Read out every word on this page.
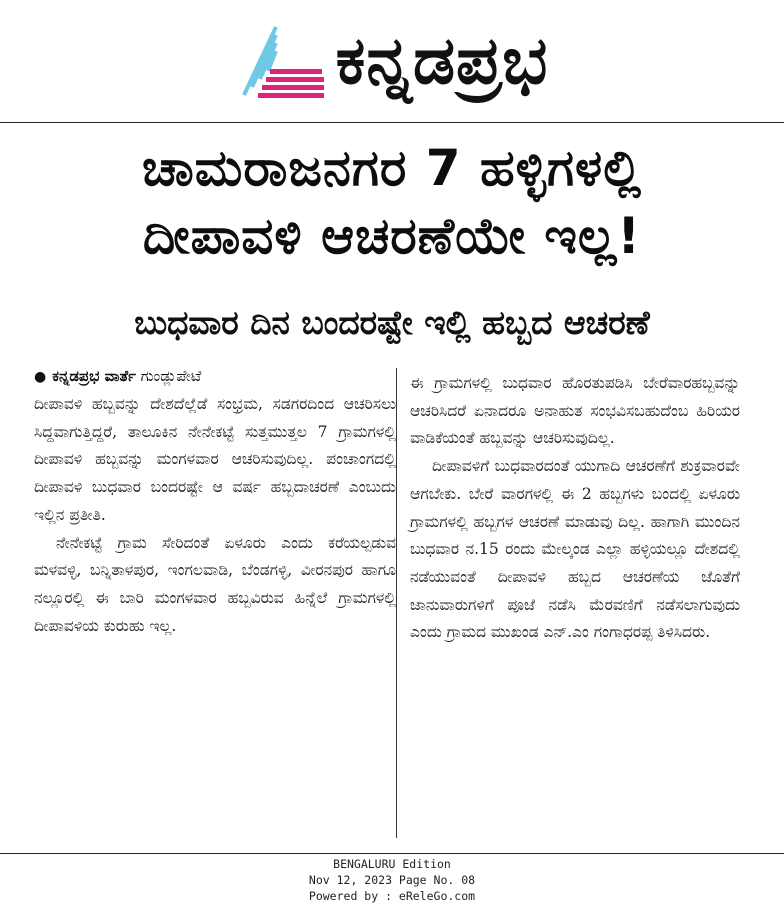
ಕನ್ನಡಪ್ರಭ
ಚಾಮರಾಜನಗರ 7 ಹಳ್ಳಿಗಳಲ್ಲಿ
ದೀಪಾವಳಿ ಆಚರಣೆಯೇ ಇಲ್ಲ!
ಬುಧವಾರ ದಿನ ಬಂದರಷ್ಟೇ ಇಲ್ಲಿ ಹಬ್ಬದ ಆಚರಣೆ
● ಕನ್ನಡಪ್ರಭ ವಾರ್ತೆ ಗುಂಡ್ಲುಪೇಟೆ

ದೀಪಾವಳಿ ಹಬ್ಬವನ್ನು ದೇಶದೆಲ್ಲೆಡೆ ಸಂಭ್ರಮ, ಸಡಗರದಿಂದ ಆಚರಿಸಲು ಸಿದ್ದವಾಗುತ್ತಿದ್ದರೆ, ತಾಲೂಕಿನ ನೇನೇಕಟ್ಟೆ ಸುತ್ತಮುತ್ತಲ 7 ಗ್ರಾಮಗಳಲ್ಲಿ ದೀಪಾವಳಿ ಹಬ್ಬವನ್ನು ಮಂಗಳವಾರ ಆಚರಿಸುವುದಿಲ್ಲ. ಪಂಚಾಂಗದಲ್ಲಿ ದೀಪಾವಳಿ ಬುಧವಾರ ಬಂದರಷ್ಟೇ ಆ ವರ್ಷ ಹಬ್ಬದಾಚರಣೆ ಎಂಬುದು ಇಲ್ಲಿನ ಪ್ರತೀತಿ.

ನೇನೇಕಟ್ಟೆ ಗ್ರಾಮ ಸೇರಿದಂತೆ ಏಳೂರು ಎಂದು ಕರೆಯಲ್ಪಡುವ ಮಳವಳ್ಳಿ, ಬನ್ನಿತಾಳಪುರ, ಇಂಗಲವಾಡಿ, ಬೆಂಡಗಳ್ಳಿ, ವೀರನಪುರ ಹಾಗೂ ನಲ್ಲೂರಲ್ಲಿ ಈ ಬಾರಿ ಮಂಗಳವಾರ ಹಬ್ಬವಿರುವ ಹಿನ್ನೆಲೆ ಗ್ರಾಮಗಳಲ್ಲಿ ದೀಪಾವಳಿಯ ಕುರುಹು ಇಲ್ಲ.

ಈ ಗ್ರಾಮಗಳಲ್ಲಿ ಬುಧವಾರ ಹೊರತುಪಡಿಸಿ ಬೇರೆವಾರಹಬ್ಬವನ್ನು ಆಚರಿಸಿದರೆ ಏನಾದರೂ ಅನಾಹುತ ಸಂಭವಿಸಬಹುದೆಂಬ ಹಿರಿಯರ ವಾಡಿಕೆಯಂತೆ ಹಬ್ಬವನ್ನು ಆಚರಿಸುವುದಿಲ್ಲ.

ದೀಪಾವಳಿಗೆ ಬುಧವಾರದಂತೆ ಯುಗಾದಿ ಆಚರಣೆಗೆ ಶುಕ್ರವಾರವೇ ಆಗಬೇಕು. ಬೇರೆ ವಾರಗಳಲ್ಲಿ ಈ 2 ಹಬ್ಬಗಳು ಬಂದಲ್ಲಿ ಏಳೂರು ಗ್ರಾಮಗಳಲ್ಲಿ ಹಬ್ಬಗಳ ಆಚರಣೆ ಮಾಡುವು ದಿಲ್ಲ. ಹಾಗಾಗಿ ಮುಂದಿನ ಬುಧವಾರ ನ.15 ರಂದು ಮೇಲ್ಕಂಡ ಎಲ್ಲಾ ಹಳ್ಳಿಯಲ್ಲೂ ದೇಶದಲ್ಲಿ ನಡೆಯುವಂತೆ ದೀಪಾವಳಿ ಹಬ್ಬದ ಆಚರಣೆಯ ಜೊತೆಗೆ ಜಾನುವಾರುಗಳಿಗೆ ಪೂಜೆ ನಡೆಸಿ ಮೆರವಣಿಗೆ ನಡೆಸಲಾಗುವುದು ಎಂದು ಗ್ರಾಮದ ಮುಖಂಡ ಎನ್.ಎಂ ಗಂಗಾಧರಪ್ಪ ತಿಳಿಸಿದರು.

BENGALURU Edition
Nov 12, 2023 Page No. 08
Powered by : eReleGo.com
